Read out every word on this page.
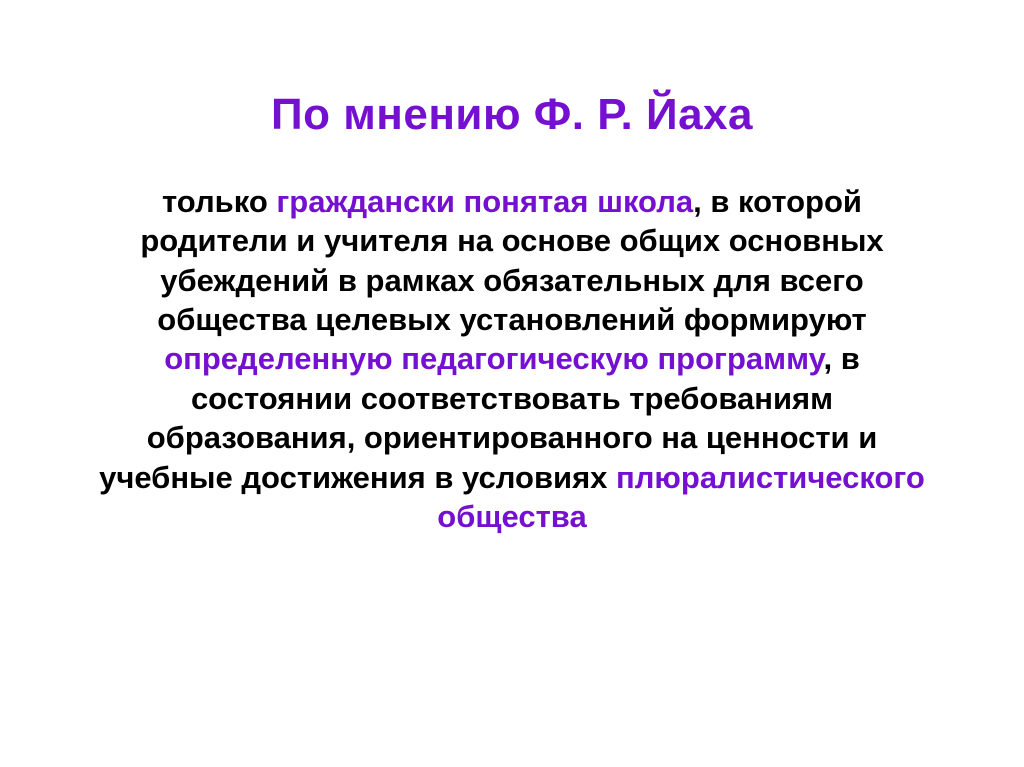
По мнению Ф. Р. Йаха
только граждански понятая школа, в которой родители и учителя на основе общих основных убеждений в рамках обязательных для всего общества целевых установлений формируют определенную педагогическую программу, в состоянии соответствовать требованиям образования, ориентированного на ценности и учебные достижения в условиях плюралистического общества
